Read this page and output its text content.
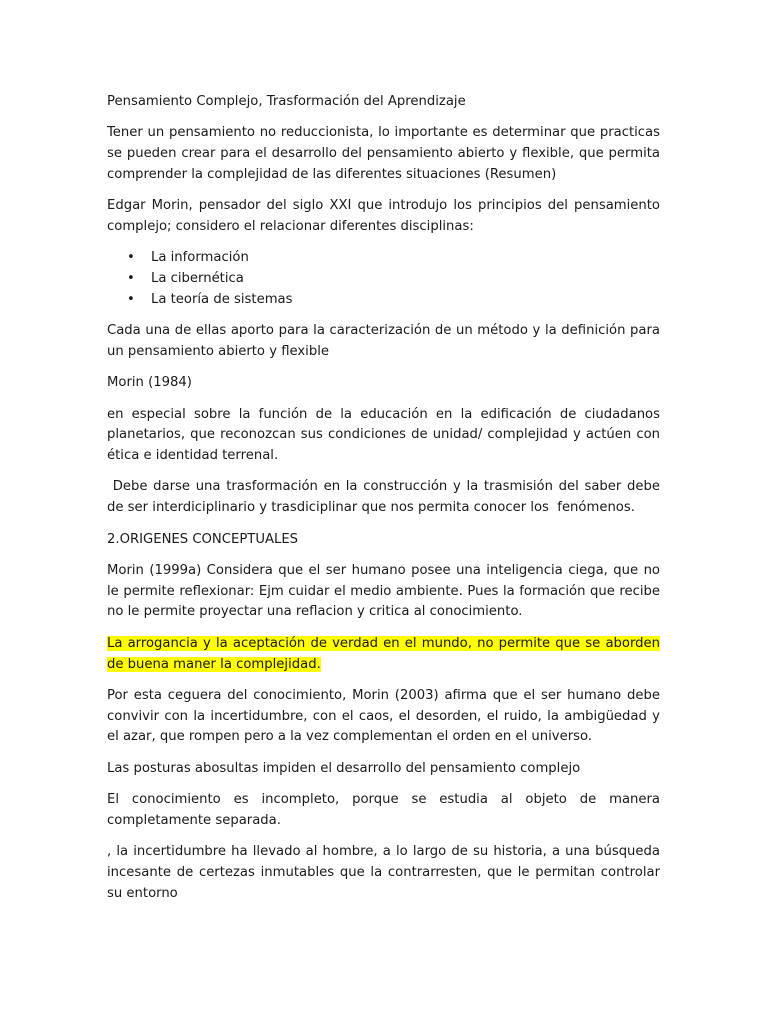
Pensamiento Complejo, Trasformación del Aprendizaje

Tener un pensamiento no reduccionista, lo importante es determinar que practicas se pueden crear para el desarrollo del pensamiento abierto y flexible, que permita comprender la complejidad de las diferentes situaciones (Resumen)

Edgar Morin, pensador del siglo XXI que introdujo los principios del pensamiento complejo; considero el relacionar diferentes disciplinas:

• La información
• La cibernética
• La teoría de sistemas

Cada una de ellas aporto para la caracterización de un método y la definición para un pensamiento abierto y flexible

Morin (1984)

en especial sobre la función de la educación en la edificación de ciudadanos planetarios, que reconozcan sus condiciones de unidad/ complejidad y actúen con ética e identidad terrenal.

Debe darse una trasformación en la construcción y la trasmisión del saber debe de ser interdiciplinario y trasdiciplinar que nos permita conocer los  fenómenos.

2.ORIGENES CONCEPTUALES

Morin (1999a) Considera que el ser humano posee una inteligencia ciega, que no le permite reflexionar: Ejm cuidar el medio ambiente. Pues la formación que recibe no le permite proyectar una reflacion y critica al conocimiento.

La arrogancia y la aceptación de verdad en el mundo, no permite que se aborden de buena maner la complejidad.

Por esta ceguera del conocimiento, Morin (2003) afirma que el ser humano debe convivir con la incertidumbre, con el caos, el desorden, el ruido, la ambigüedad y el azar, que rompen pero a la vez complementan el orden en el universo.

Las posturas abosultas impiden el desarrollo del pensamiento complejo

El conocimiento es incompleto, porque se estudia al objeto de manera completamente separada.

, la incertidumbre ha llevado al hombre, a lo largo de su historia, a una búsqueda incesante de certezas inmutables que la contrarresten, que le permitan controlar su entorno
